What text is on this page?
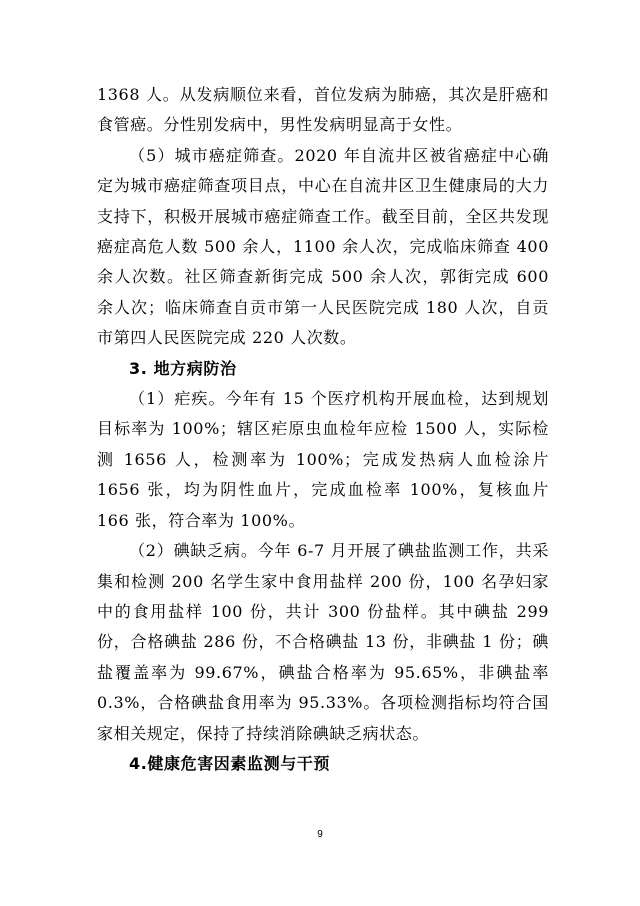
1368 人。从发病顺位来看，首位发病为肺癌，其次是肝癌和食管癌。分性别发病中，男性发病明显高于女性。

（5）城市癌症筛查。2020 年自流井区被省癌症中心确定为城市癌症筛查项目点，中心在自流井区卫生健康局的大力支持下，积极开展城市癌症筛查工作。截至目前，全区共发现癌症高危人数 500 余人，1100 余人次，完成临床筛查 400 余人次数。社区筛查新街完成 500 余人次，郭街完成 600 余人次；临床筛查自贡市第一人民医院完成 180 人次，自贡市第四人民医院完成 220 人次数。

3. 地方病防治

（1）疟疾。今年有 15 个医疗机构开展血检，达到规划目标率为 100%；辖区疟原虫血检年应检 1500 人，实际检测 1656 人，检测率为 100%；完成发热病人血检涂片 1656 张，均为阴性血片，完成血检率 100%，复核血片 166 张，符合率为 100%。

（2）碘缺乏病。今年 6-7 月开展了碘盐监测工作，共采集和检测 200 名学生家中食用盐样 200 份，100 名孕妇家中的食用盐样 100 份，共计 300 份盐样。其中碘盐 299 份，合格碘盐 286 份，不合格碘盐 13 份，非碘盐 1 份；碘盐覆盖率为 99.67%，碘盐合格率为 95.65%，非碘盐率 0.3%，合格碘盐食用率为 95.33%。各项检测指标均符合国家相关规定，保持了持续消除碘缺乏病状态。

4.健康危害因素监测与干预

9
